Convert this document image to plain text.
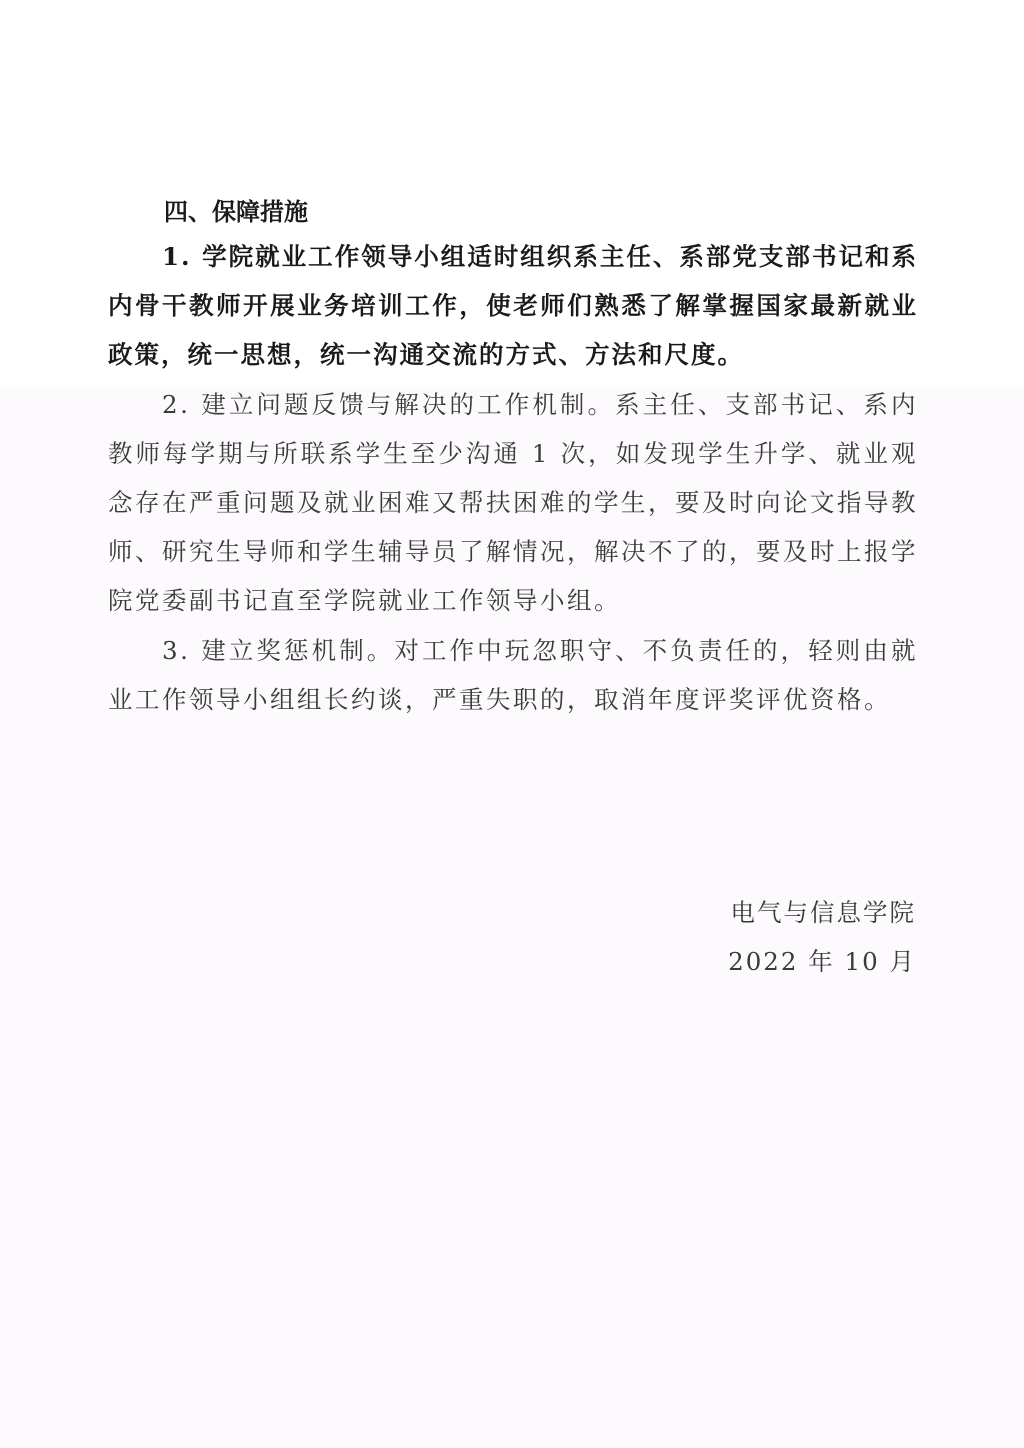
四、保障措施

1. 学院就业工作领导小组适时组织系主任、系部党支部书记和系内骨干教师开展业务培训工作，使老师们熟悉了解掌握国家最新就业政策，统一思想，统一沟通交流的方式、方法和尺度。

2. 建立问题反馈与解决的工作机制。系主任、支部书记、系内教师每学期与所联系学生至少沟通 1 次，如发现学生升学、就业观念存在严重问题及就业困难又帮扶困难的学生，要及时向论文指导教师、研究生导师和学生辅导员了解情况，解决不了的，要及时上报学院党委副书记直至学院就业工作领导小组。

3. 建立奖惩机制。对工作中玩忽职守、不负责任的，轻则由就业工作领导小组组长约谈，严重失职的，取消年度评奖评优资格。

电气与信息学院
2022 年 10 月
